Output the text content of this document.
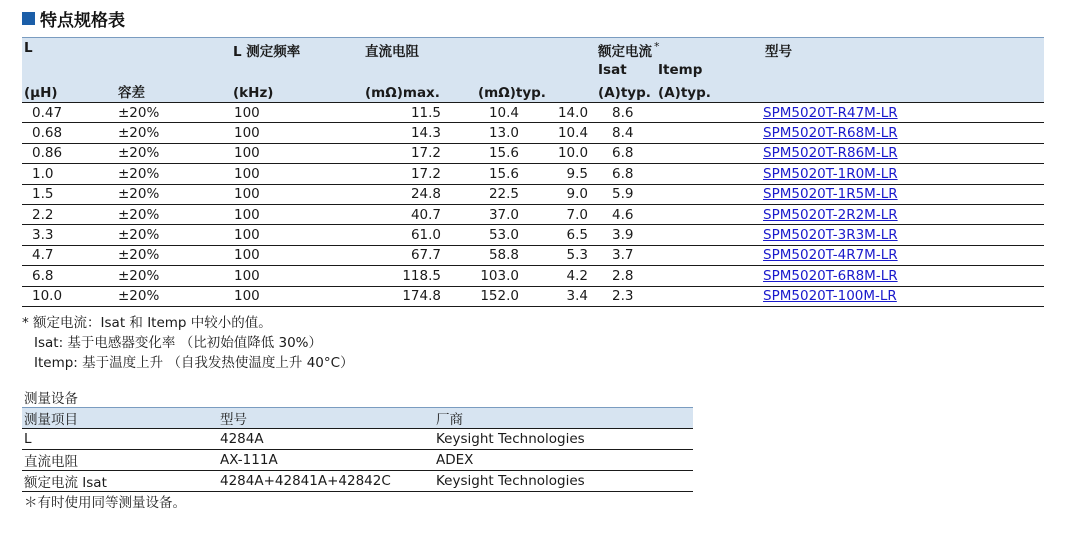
特点规格表
L		L 测定频率	直流电阻			额定电流 *		型号
						Isat	Itemp	
(µH)	容差	(kHz)	(mΩ)max.	(mΩ)typ.		(A)typ.	(A)typ.	
0.47	±20%	100	11.5	10.4	14.0	8.6		SPM5020T-R47M-LR
0.68	±20%	100	14.3	13.0	10.4	8.4		SPM5020T-R68M-LR
0.86	±20%	100	17.2	15.6	10.0	6.8		SPM5020T-R86M-LR
1.0	±20%	100	17.2	15.6	9.5	6.8		SPM5020T-1R0M-LR
1.5	±20%	100	24.8	22.5	9.0	5.9		SPM5020T-1R5M-LR
2.2	±20%	100	40.7	37.0	7.0	4.6		SPM5020T-2R2M-LR
3.3	±20%	100	61.0	53.0	6.5	3.9		SPM5020T-3R3M-LR
4.7	±20%	100	67.7	58.8	5.3	3.7		SPM5020T-4R7M-LR
6.8	±20%	100	118.5	103.0	4.2	2.8		SPM5020T-6R8M-LR
10.0	±20%	100	174.8	152.0	3.4	2.3		SPM5020T-100M-LR
* 额定电流：Isat 和 Itemp 中较小的值。
Isat: 基于电感器变化率 （比初始值降低 30%）
Itemp: 基于温度上升 （自我发热使温度上升 40°C）
测量设备
测量项目	型号	厂商
L	4284A	Keysight Technologies
直流电阻	AX-111A	ADEX
额定电流 Isat	4284A+42841A+42842C	Keysight Technologies
＊有时使用同等测量设备。
